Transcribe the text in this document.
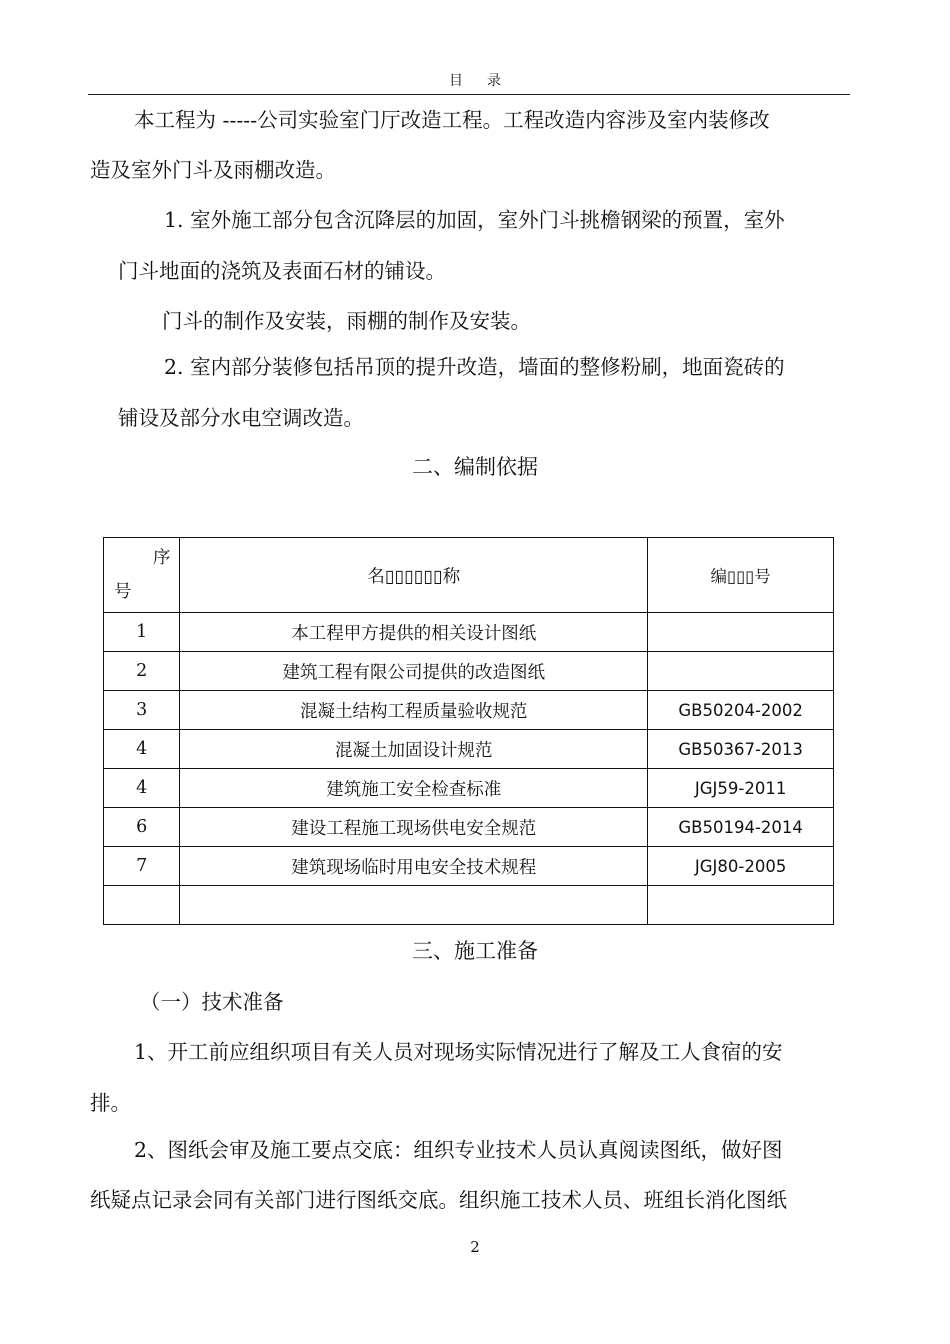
目 录
本工程为 -----公司实验室门厅改造工程。工程改造内容涉及室内装修改
造及室外门斗及雨棚改造。
1. 室外施工部分包含沉降层的加固，室外门斗挑檐钢梁的预置，室外
门斗地面的浇筑及表面石材的铺设。
门斗的制作及安装，雨棚的制作及安装。
2. 室内部分装修包括吊顶的提升改造，墙面的整修粉刷，地面瓷砖的
铺设及部分水电空调改造。
二、编制依据
序
号	名▯▯▯▯▯▯称	编▯▯▯号
1	本工程甲方提供的相关设计图纸	
2	建筑工程有限公司提供的改造图纸	
3	混凝土结构工程质量验收规范	GB50204-2002
4	混凝土加固设计规范	GB50367-2013
4	建筑施工安全检查标准	JGJ59-2011
6	建设工程施工现场供电安全规范	GB50194-2014
7	建筑现场临时用电安全技术规程	JGJ80-2005

三、施工准备
（一）技术准备
1、开工前应组织项目有关人员对现场实际情况进行了解及工人食宿的安
排。
2、图纸会审及施工要点交底：组织专业技术人员认真阅读图纸，做好图
纸疑点记录会同有关部门进行图纸交底。组织施工技术人员、班组长消化图纸
2
